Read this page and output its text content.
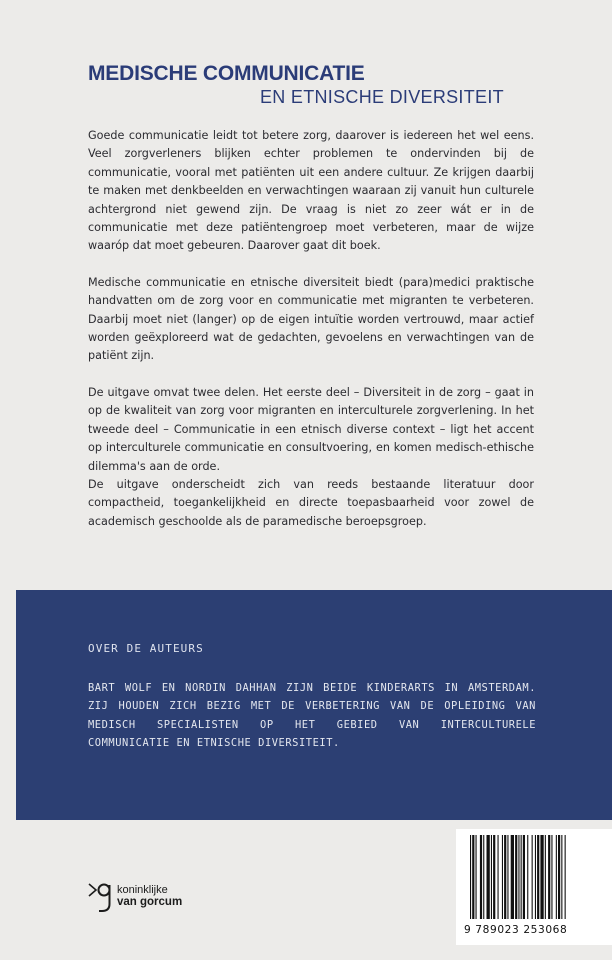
MEDISCHE COMMUNICATIE
EN ETNISCHE DIVERSITEIT

Goede communicatie leidt tot betere zorg, daarover is iedereen het wel eens. Veel zorgverleners blijken echter problemen te ondervinden bij de communicatie, vooral met patiënten uit een andere cultuur. Ze krijgen daarbij te maken met denkbeelden en verwachtingen waaraan zij vanuit hun culturele achtergrond niet gewend zijn. De vraag is niet zo zeer wát er in de communicatie met deze patiëntengroep moet verbeteren, maar de wijze waaróp dat moet gebeuren. Daarover gaat dit boek.

Medische communicatie en etnische diversiteit biedt (para)medici praktische handvatten om de zorg voor en communicatie met migranten te verbeteren. Daarbij moet niet (langer) op de eigen intuïtie worden vertrouwd, maar actief worden geëxploreerd wat de gedachten, gevoelens en verwachtingen van de patiënt zijn.

De uitgave omvat twee delen. Het eerste deel – Diversiteit in de zorg – gaat in op de kwaliteit van zorg voor migranten en interculturele zorgverlening. In het tweede deel – Communicatie in een etnisch diverse context – ligt het accent op interculturele communicatie en consultvoering, en komen medisch-ethische dilemma's aan de orde.

De uitgave onderscheidt zich van reeds bestaande literatuur door compactheid, toegankelijkheid en directe toepasbaarheid voor zowel de academisch geschoolde als de paramedische beroepsgroep.

OVER DE AUTEURS
BART WOLF EN NORDIN DAHHAN ZIJN BEIDE KINDERARTS IN AMSTERDAM. ZIJ HOUDEN ZICH BEZIG MET DE VERBETERING VAN DE OPLEIDING VAN MEDISCH SPECIALISTEN OP HET GEBIED VAN INTERCULTURELE COMMUNICATIE EN ETNISCHE DIVERSITEIT.
koninklijke
van gorcum
9 789023 253068
